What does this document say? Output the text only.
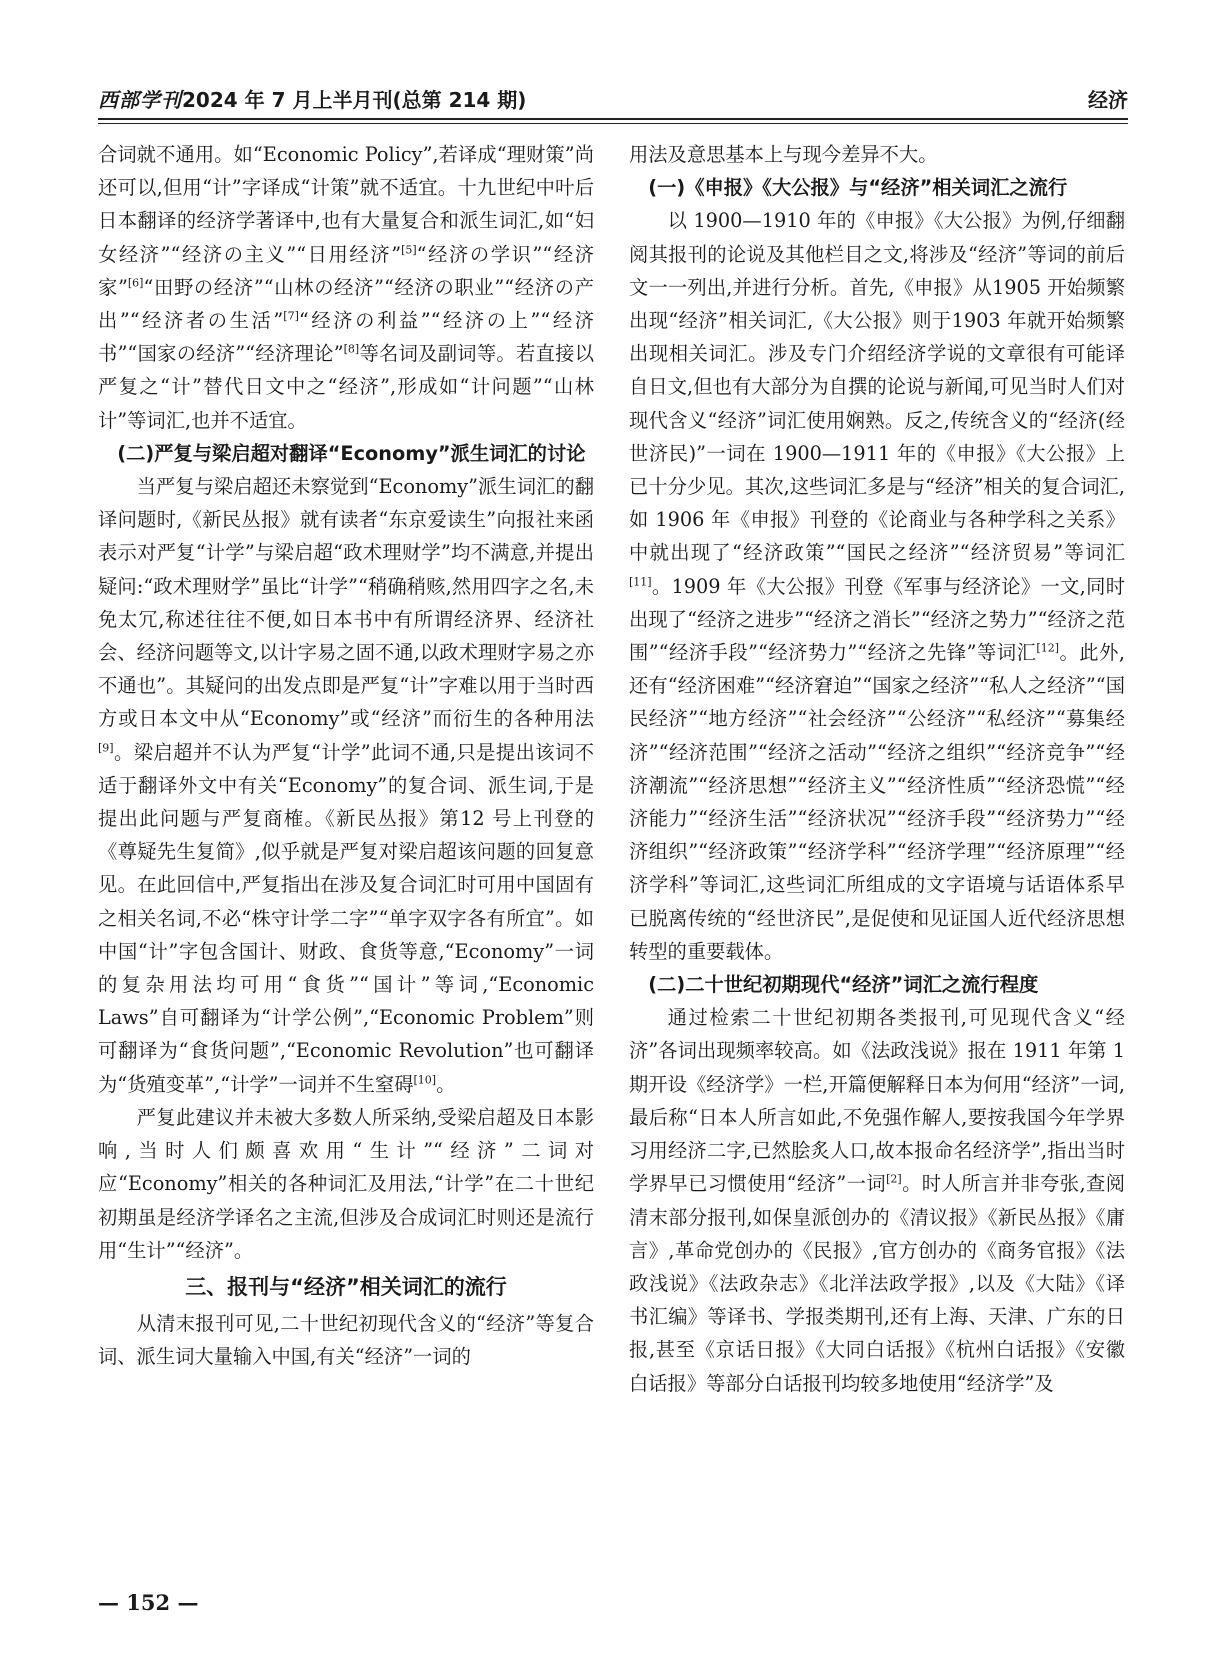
西部学刊2024 年 7 月上半月刊(总第 214 期)	经济

合词就不通用。如“Economic Policy”,若译成“理财策”尚还可以,但用“计”字译成“计策”就不适宜。十九世纪中叶后日本翻译的经济学著译中,也有大量复合和派生词汇,如“妇女经济”“经济の主义”“日用经济”[5]“经济の学识”“经济家”[6]“田野の经济”“山林の经济”“经济の职业”“经济の产出”“经济者の生活”[7]“经济の利益”“经济の上”“经济书”“国家の经济”“经济理论”[8]等名词及副词等。若直接以严复之“计”替代日文中之“经济”,形成如“计问题”“山林计”等词汇,也并不适宜。

(二)严复与梁启超对翻译“Economy”派生词汇的讨论

当严复与梁启超还未察觉到“Economy”派生词汇的翻译问题时,《新民丛报》就有读者“东京爱读生”向报社来函表示对严复“计学”与梁启超“政术理财学”均不满意,并提出疑问:“政术理财学”虽比“计学”“稍确稍赅,然用四字之名,未免太冗,称述往往不便,如日本书中有所谓经济界、经济社会、经济问题等文,以计字易之固不通,以政术理财字易之亦不通也”。其疑问的出发点即是严复“计”字难以用于当时西方或日本文中从“Economy”或“经济”而衍生的各种用法[9]。梁启超并不认为严复“计学”此词不通,只是提出该词不适于翻译外文中有关“Economy”的复合词、派生词,于是提出此问题与严复商榷。《新民丛报》第12 号上刊登的《尊疑先生复简》,似乎就是严复对梁启超该问题的回复意见。在此回信中,严复指出在涉及复合词汇时可用中国固有之相关名词,不必“株守计学二字”“单字双字各有所宜”。如中国“计”字包含国计、财政、食货等意,“Economy”一词的复杂用法均可用“食货”“国计”等词,“Economic Laws”自可翻译为“计学公例”,“Economic Problem”则可翻译为“食货问题”,“Economic Revolution”也可翻译为“货殖变革”,“计学”一词并不生窒碍[10]。

严复此建议并未被大多数人所采纳,受梁启超及日本影响,当时人们颇喜欢用“生计”“经济”二词对应“Economy”相关的各种词汇及用法,“计学”在二十世纪初期虽是经济学译名之主流,但涉及合成词汇时则还是流行用“生计”“经济”。

三、报刊与“经济”相关词汇的流行

从清末报刊可见,二十世纪初现代含义的“经济”等复合词、派生词大量输入中国,有关“经济”一词的

用法及意思基本上与现今差异不大。

(一)《申报》《大公报》与“经济”相关词汇之流行

以 1900—1910 年的《申报》《大公报》为例,仔细翻阅其报刊的论说及其他栏目之文,将涉及“经济”等词的前后文一一列出,并进行分析。首先,《申报》从1905 开始频繁出现“经济”相关词汇,《大公报》则于1903 年就开始频繁出现相关词汇。涉及专门介绍经济学说的文章很有可能译自日文,但也有大部分为自撰的论说与新闻,可见当时人们对现代含义“经济”词汇使用娴熟。反之,传统含义的“经济(经世济民)”一词在 1900—1911 年的《申报》《大公报》上已十分少见。其次,这些词汇多是与“经济”相关的复合词汇,如 1906 年《申报》刊登的《论商业与各种学科之关系》中就出现了“经济政策”“国民之经济”“经济贸易”等词汇[11]。1909 年《大公报》刊登《军事与经济论》一文,同时出现了“经济之进步”“经济之消长”“经济之势力”“经济之范围”“经济手段”“经济势力”“经济之先锋”等词汇[12]。此外,还有“经济困难”“经济窘迫”“国家之经济”“私人之经济”“国民经济”“地方经济”“社会经济”“公经济”“私经济”“募集经济”“经济范围”“经济之活动”“经济之组织”“经济竞争”“经济潮流”“经济思想”“经济主义”“经济性质”“经济恐慌”“经济能力”“经济生活”“经济状况”“经济手段”“经济势力”“经济组织”“经济政策”“经济学科”“经济学理”“经济原理”“经济学科”等词汇,这些词汇所组成的文字语境与话语体系早已脱离传统的“经世济民”,是促使和见证国人近代经济思想转型的重要载体。

(二)二十世纪初期现代“经济”词汇之流行程度

通过检索二十世纪初期各类报刊,可见现代含义“经济”各词出现频率较高。如《法政浅说》报在 1911 年第 1 期开设《经济学》一栏,开篇便解释日本为何用“经济”一词,最后称“日本人所言如此,不免强作解人,要按我国今年学界习用经济二字,已然脍炙人口,故本报命名经济学”,指出当时学界早已习惯使用“经济”一词[2]。时人所言并非夸张,查阅清末部分报刊,如保皇派创办的《清议报》《新民丛报》《庸言》,革命党创办的《民报》,官方创办的《商务官报》《法政浅说》《法政杂志》《北洋法政学报》,以及《大陆》《译书汇编》等译书、学报类期刊,还有上海、天津、广东的日报,甚至《京话日报》《大同白话报》《杭州白话报》《安徽白话报》等部分白话报刊均较多地使用“经济学”及

— 152 —
